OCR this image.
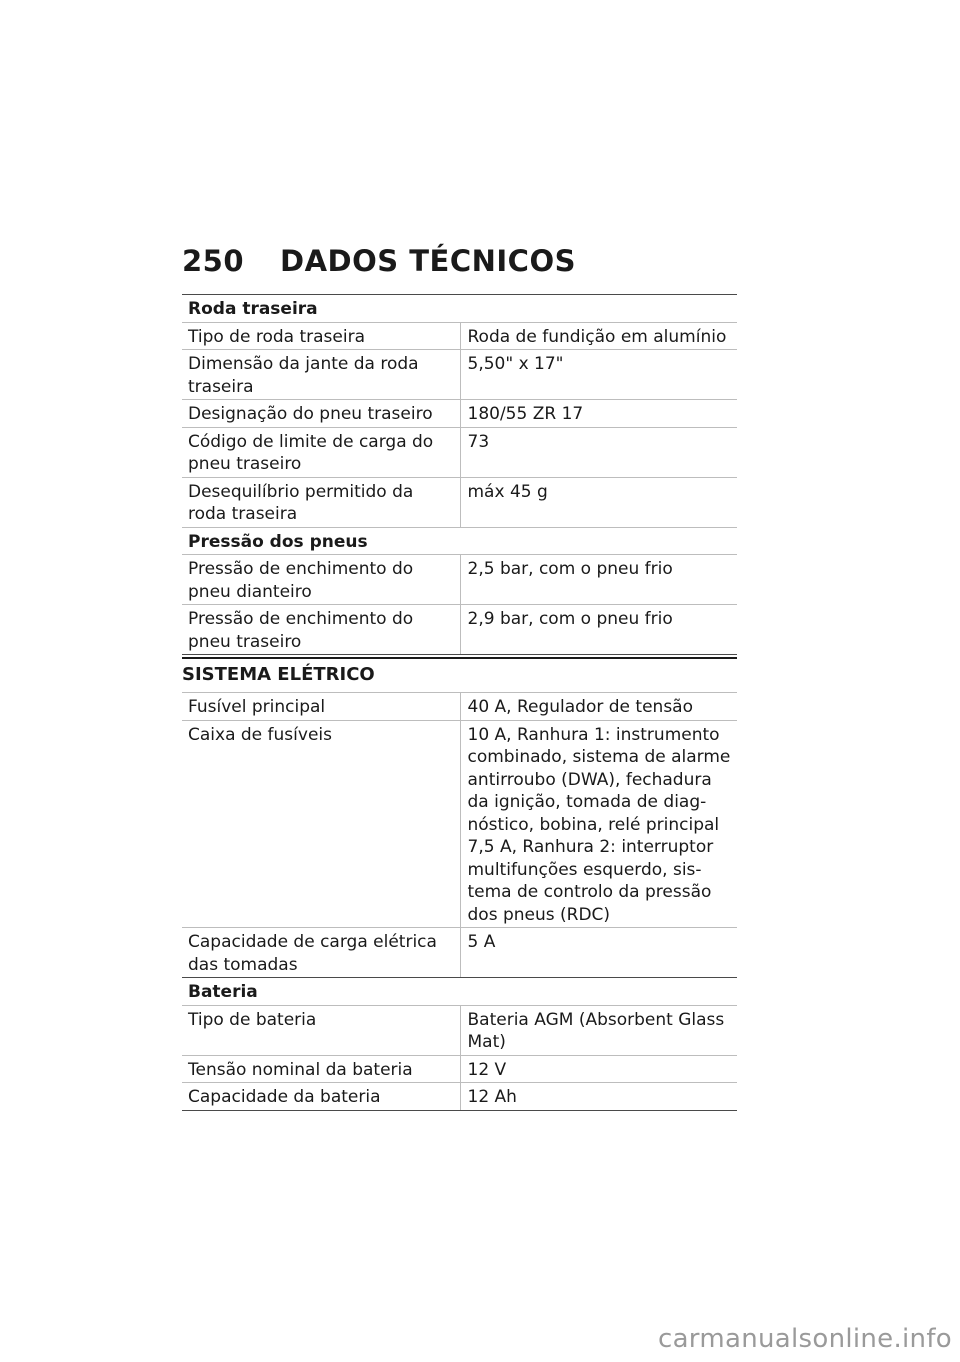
250 DADOS TÉCNICOS
Roda traseira	
Tipo de roda traseira	Roda de fundição em alumínio
Dimensão da jante da roda traseira	5,50" x 17"
Designação do pneu traseiro	180/55 ZR 17
Código de limite de carga do pneu traseiro	73
Desequilíbrio permitido da roda traseira	máx 45 g
Pressão dos pneus	
Pressão de enchimento do pneu dianteiro	2,5 bar, com o pneu frio
Pressão de enchimento do pneu traseiro	2,9 bar, com o pneu frio
SISTEMA ELÉTRICO
Fusível principal	40 A, Regulador de tensão
Caixa de fusíveis	10 A, Ranhura 1: instrumento combinado, sistema de alarme antirroubo (DWA), fechadura da ignição, tomada de diagnóstico, bobina, relé principal 7,5 A, Ranhura 2: interruptor multifunções esquerdo, sistema de controlo da pressão dos pneus (RDC)
Capacidade de carga elétrica das tomadas	5 A
Bateria	
Tipo de bateria	Bateria AGM (Absorbent Glass Mat)
Tensão nominal da bateria	12 V
Capacidade da bateria	12 Ah
carmanualsonline.info
